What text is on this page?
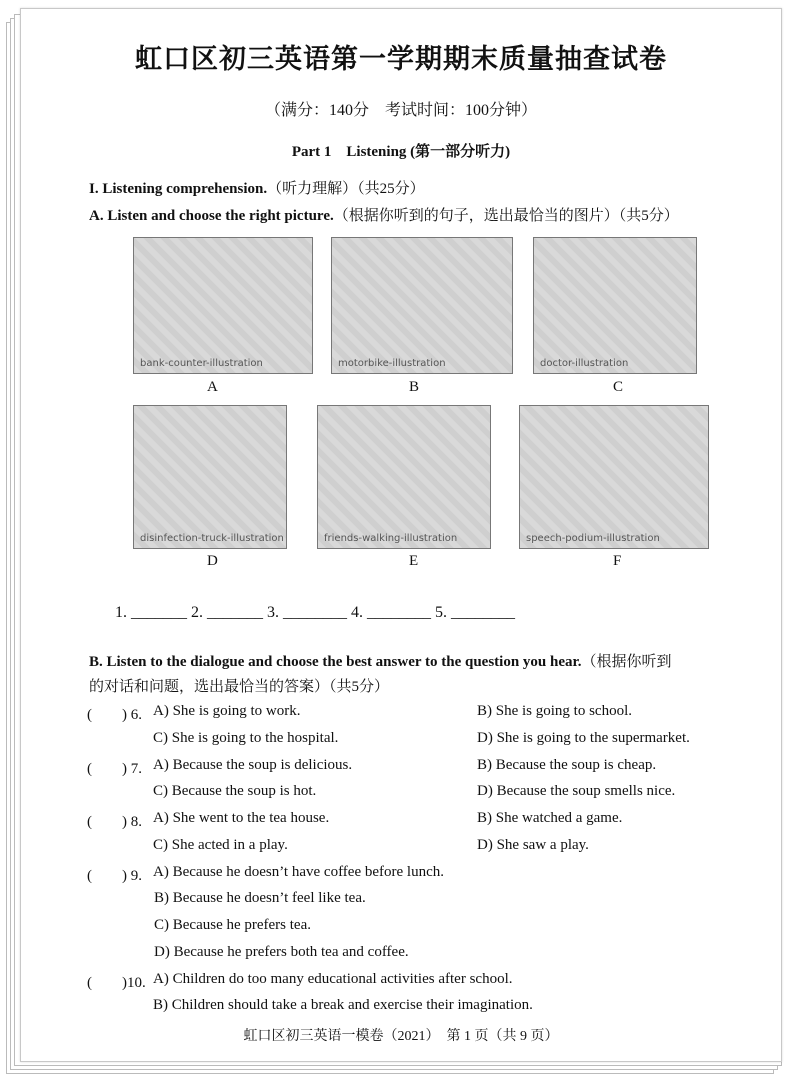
虹口区初三英语第一学期期末质量抽查试卷
（满分：140分　考试时间：100分钟）
Part 1　Listening (第一部分听力)
I. Listening comprehension.（听力理解）（共25分）
A. Listen and choose the right picture.（根据你听到的句子，选出最恰当的图片）（共5分）
bank-counter-illustration	motorbike-illustration	doctor-illustration
A	B	C
disinfection-truck-illustration	friends-walking-illustration	speech-podium-illustration
D	E	F
1. _______ 2. _______ 3. ________ 4. ________ 5. ________
B. Listen to the dialogue and choose the best answer to the question you hear.（根据你听到
的对话和问题，选出最恰当的答案）（共5分）
(　　) 6. A) She is going to work.	B) She is going to school.
C) She is going to the hospital.	D) She is going to the supermarket.
(　　) 7. A) Because the soup is delicious.	B) Because the soup is cheap.
C) Because the soup is hot.	D) Because the soup smells nice.
(　　) 8. A) She went to the tea house.	B) She watched a game.
C) She acted in a play.	D) She saw a play.
(　　) 9. A) Because he doesn’t have coffee before lunch.
B) Because he doesn’t feel like tea.
C) Because he prefers tea.
D) Because he prefers both tea and coffee.
(　　)10. A) Children do too many educational activities after school.
B) Children should take a break and exercise their imagination.
虹口区初三英语一模卷（2021）　第 1 页（共 9 页）
